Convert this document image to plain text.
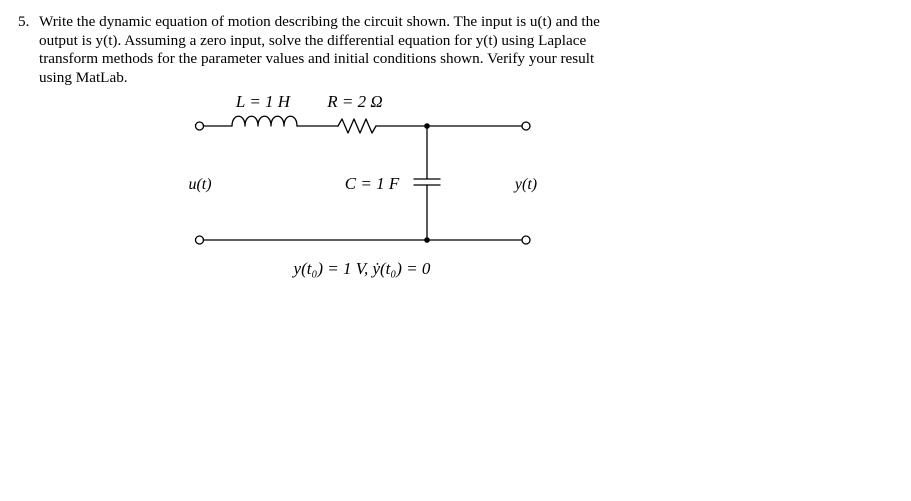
5. Write the dynamic equation of motion describing the circuit shown. The input is u(t) and the
output is y(t). Assuming a zero input, solve the differential equation for y(t) using Laplace
transform methods for the parameter values and initial conditions shown. Verify your result
using MatLab.
L = 1 H R = 2 Ω
u(t)	C = 1 F	y(t)
y(t₀) = 1 V, ẏ(t₀) = 0
